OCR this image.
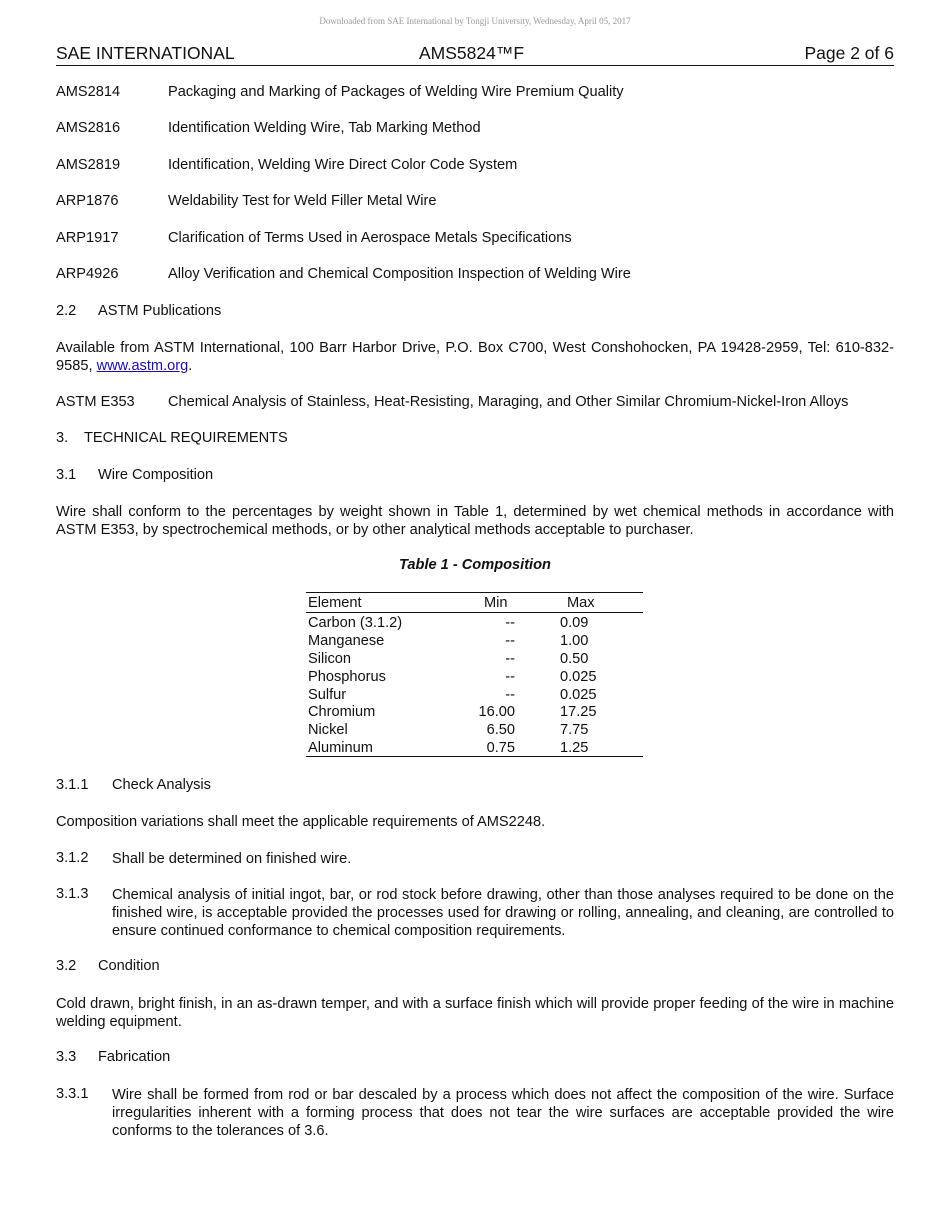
Downloaded from SAE International by Tongji University, Wednesday, April 05, 2017
SAE INTERNATIONAL	AMS5824™F	Page 2 of 6
AMS2814	Packaging and Marking of Packages of Welding Wire Premium Quality
AMS2816	Identification Welding Wire, Tab Marking Method
AMS2819	Identification, Welding Wire Direct Color Code System
ARP1876	Weldability Test for Weld Filler Metal Wire
ARP1917	Clarification of Terms Used in Aerospace Metals Specifications
ARP4926	Alloy Verification and Chemical Composition Inspection of Welding Wire
2.2 ASTM Publications
Available from ASTM International, 100 Barr Harbor Drive, P.O. Box C700, West Conshohocken, PA 19428-2959, Tel: 610-832-9585, www.astm.org.
ASTM E353 Chemical Analysis of Stainless, Heat-Resisting, Maraging, and Other Similar Chromium-Nickel-Iron Alloys
3. TECHNICAL REQUIREMENTS
3.1 Wire Composition
Wire shall conform to the percentages by weight shown in Table 1, determined by wet chemical methods in accordance with ASTM E353, by spectrochemical methods, or by other analytical methods acceptable to purchaser.
Table 1 - Composition
Element	Min	Max
Carbon (3.1.2)	--	0.09
Manganese	--	1.00
Silicon	--	0.50
Phosphorus	--	0.025
Sulfur	--	0.025
Chromium	16.00	17.25
Nickel	6.50	7.75
Aluminum	0.75	1.25
3.1.1 Check Analysis
Composition variations shall meet the applicable requirements of AMS2248.
3.1.2 Shall be determined on finished wire.
3.1.3 Chemical analysis of initial ingot, bar, or rod stock before drawing, other than those analyses required to be done on the finished wire, is acceptable provided the processes used for drawing or rolling, annealing, and cleaning, are controlled to ensure continued conformance to chemical composition requirements.
3.2 Condition
Cold drawn, bright finish, in an as-drawn temper, and with a surface finish which will provide proper feeding of the wire in machine welding equipment.
3.3 Fabrication
3.3.1 Wire shall be formed from rod or bar descaled by a process which does not affect the composition of the wire. Surface irregularities inherent with a forming process that does not tear the wire surfaces are acceptable provided the wire conforms to the tolerances of 3.6.
